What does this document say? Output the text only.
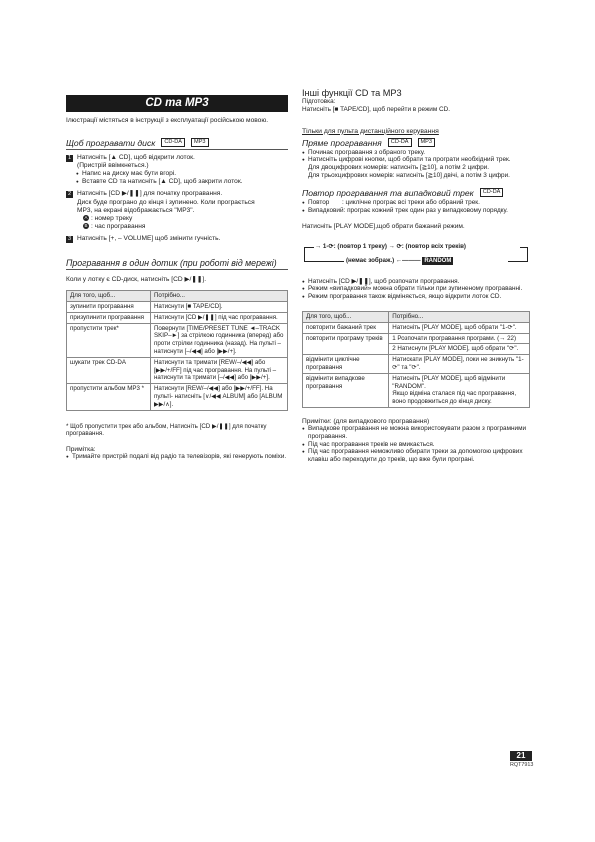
CD та MP3
Ілюстрації містяться в інструкції з експлуатації російською мовою.
Щоб програвати диск	CD-DA	MP3
1 Натисніть [▲ CD], щоб відкрити лоток.
(Пристрій ввімкнеться.)
● Напис на диску має бути вгорі.
● Вставте CD та натисніть [▲ CD], щоб закрити лоток.
2 Натисніть [CD ▶/❚❚] для початку програвання.
Диск буде програно до кінця і зупинено. Коли програється
MP3, на екрані відображається "MP3".
A : номер треку
B : час програвання
3 Натисніть [+, – VOLUME] щоб змінити гучність.
Програвання в один дотик (при роботі від мережі)
Коли у лотку є CD-диск, натисніть [CD ▶/❚❚].
Для того, щоб...	Потрібно...
зупинити програвання	Натиснути [■ TAPE/CD].
призупинити програвання	Натиснути [CD ▶/❚❚] під час програвання.
пропустити трек*	Повернути [TIME/PRESET TUNE ◄–TRACK SKIP–►] за стрілкою годинника (вперед) або проти стрілки годинника (назад). На пульті – натиснути [–/◀◀] або [▶▶/+].
шукати трек CD-DA	Натиснути та тримати [REW/–/◀◀] або [▶▶/+/FF] під час програвання. На пульті – натиснути та тримати [–/◀◀] або [▶▶/+].
пропустити альбом MP3 *	Натиснути [REW/–/◀◀] або [▶▶/+/FF]. На пульті- натисніть [∨/◀◀ ALBUM] або [ALBUM ▶▶/∧].
* Щоб пропустити трек або альбом, Натисніть [CD ▶/❚❚] для початку програвання.
Примітка:
● Тримайте пристрій подалі від радіо та телевізорів, які генерують поміхи.
Інші функції CD та MP3
Підготовка:
Натисніть [■ TAPE/CD], щоб перейти в режим CD.
Тільки для пульта дистанційного керування
Пряме програвання	CD-DA	MP3
● Починає програвання з обраного треку.
● Натисніть цифрові кнопки, щоб обрати та програти необхідний трек.
Для двоцифрових номерів: натисніть [≧10], а потім 2 цифри.
Для трьохцифрових номерів: натисніть [≧10] двічі, а потім 3 цифри.
Повтор програвання та випадковий трек	CD-DA
● Повтор	: циклічне програє всі треки або обраний трек.
● Випадковий : програє кожний трек один раз у випадковому порядку.
Натисніть [PLAY MODE],щоб обрати бажаний режим.
→ 1-⟳: (повтор 1 треку) → ⟳: (повтор всіх треків)
(немає зображ.) ←——— RANDOM
● Натисніть [CD ▶/❚❚], щоб розпочати програвання.
● Режим «випадковий» можна обрати тільки при зупиненому програванні.
● Режим програвання також відміняється, якщо відкрити лоток CD.
Для того, щоб...	Потрібно...
повторити бажаний трек	Натисніть [PLAY MODE], щоб обрати "1-⟳".

повторити програму треків	1 Розпочати програвання програми. (→ 22)
2 Натиснути [PLAY MODE], щоб обрати "⟳".

відмінити циклічне програвання	Натискати [PLAY MODE], поки не зникнуть "1-⟳" та "⟳".

відмінити випадкове програвання	Натисніть [PLAY MODE], щоб відмінити "RANDOM".
Якщо відміна сталася під час програвання, воно продовжиться до кінця диску.
Примітки: (для випадкового програвання)
● Випадкове програвання не можна використовувати разом з програмними програвання.
● Під час програвання треків не вмикається.
● Під час програвання неможливо обирати треки за допомогою цифрових клавіш або переходити до треків, що вже були програні.
21
RQT7913
